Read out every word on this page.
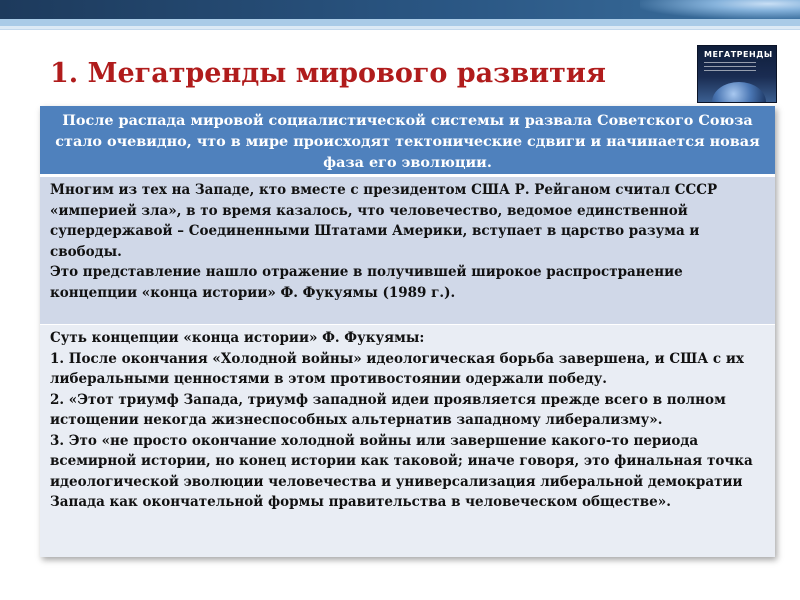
1. Мегатренды мирового развития
МЕГАТРЕНДЫ
После распада мировой социалистической системы и развала Советского Союза стало очевидно, что в мире происходят тектонические сдвиги и начинается новая фаза его эволюции.

Многим из тех на Западе, кто вместе с президентом США Р. Рейганом считал СССР «империей зла», в то время казалось, что человечество, ведомое единственной супердержавой – Соединенными Штатами Америки, вступает в царство разума и свободы.

Это представление нашло отражение в получившей широкое распространение концепции «конца истории» Ф. Фукуямы (1989 г.).

Суть концепции «конца истории» Ф. Фукуямы:

1. После окончания «Холодной войны» идеологическая борьба завершена, и США с их либеральными ценностями в этом противостоянии одержали победу.

2. «Этот триумф Запада, триумф западной идеи проявляется прежде всего в полном истощении некогда жизнеспособных альтернатив западному либерализму».

3. Это «не просто окончание холодной войны или завершение какого-то периода всемирной истории, но конец истории как таковой; иначе говоря, это финальная точка идеологической эволюции человечества и универсализация либеральной демократии Запада как окончательной формы правительства в человеческом обществе».
